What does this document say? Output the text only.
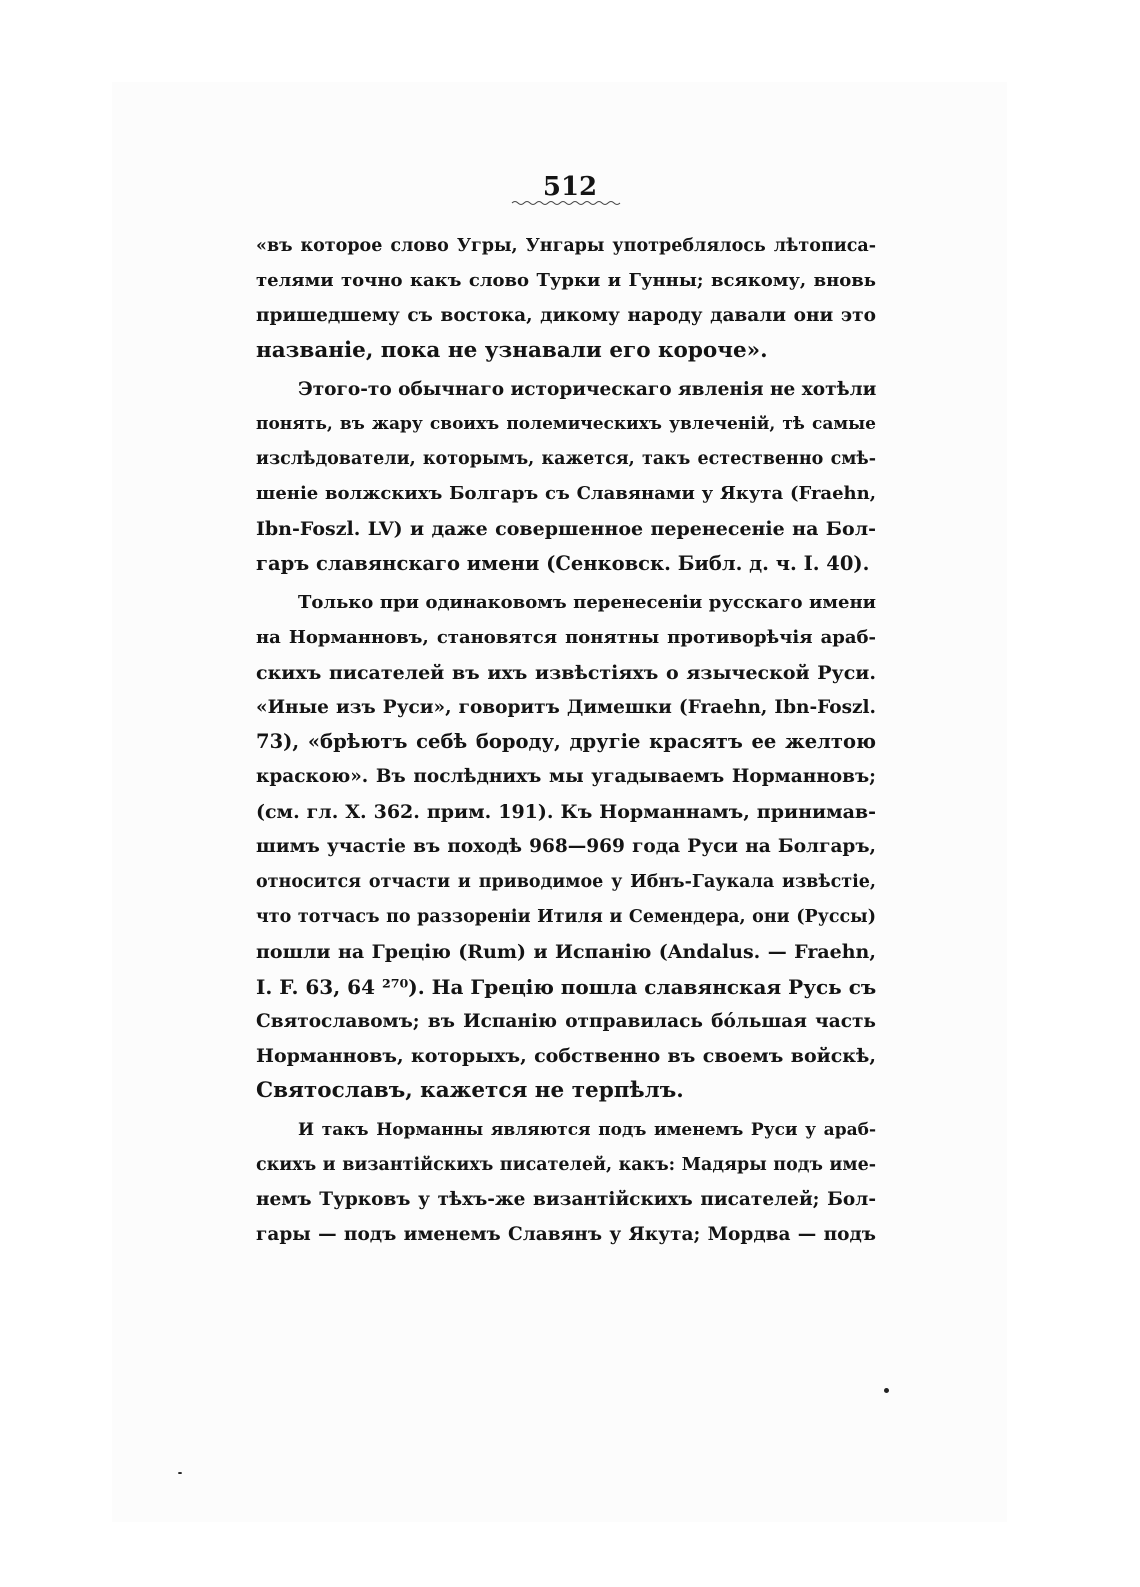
512
«въ которое слово Угры, Унгары употреблялось лѣтописа-
телями точно какъ слово Турки и Гунны; всякому, вновь
пришедшему съ востока, дикому народу давали они это
названіе, пока не узнавали его короче».
Этого-то обычнаго историческаго явленія не хотѣли
понять, въ жару своихъ полемическихъ увлеченій, тѣ самые
изслѣдователи, которымъ, кажется, такъ естественно смѣ-
шеніе волжскихъ Болгаръ съ Славянами у Якута (Fraehn,
Ibn-Foszl. LV) и даже совершенное перенесеніе на Бол-
гаръ славянскаго имени (Сенковск. Библ. д. ч. I. 40).
Только при одинаковомъ перенесеніи русскаго имени
на Норманновъ, становятся понятны противорѣчія араб-
скихъ писателей въ ихъ извѣстіяхъ о языческой Руси.
«Иные изъ Руси», говоритъ Димешки (Fraehn, Ibn-Foszl.
73), «брѣютъ себѣ бороду, другіе красятъ ее желтою
краскою». Въ послѣднихъ мы угадываемъ Норманновъ;
(см. гл. X. 362. прим. 191). Къ Норманнамъ, принимав-
шимъ участіе въ походѣ 968—969 года Руси на Болгаръ,
относится отчасти и приводимое у Ибнъ-Гаукала извѣстіе,
что тотчасъ по раззореніи Итиля и Семендера, они (Руссы)
пошли на Грецію (Rum) и Испанію (Andalus. — Fraehn,
I. F. 63, 64 ²⁷⁰). На Грецію пошла славянская Русь съ
Святославомъ; въ Испанію отправилась бóльшая часть
Норманновъ, которыхъ, собственно въ своемъ войскѣ,
Святославъ, кажется не терпѣлъ.
И такъ Норманны являются подъ именемъ Руси у араб-
скихъ и византійскихъ писателей, какъ: Мадяры подъ име-
немъ Турковъ у тѣхъ-же византійскихъ писателей; Бол-
гары — подъ именемъ Славянъ у Якута; Мордва — подъ
